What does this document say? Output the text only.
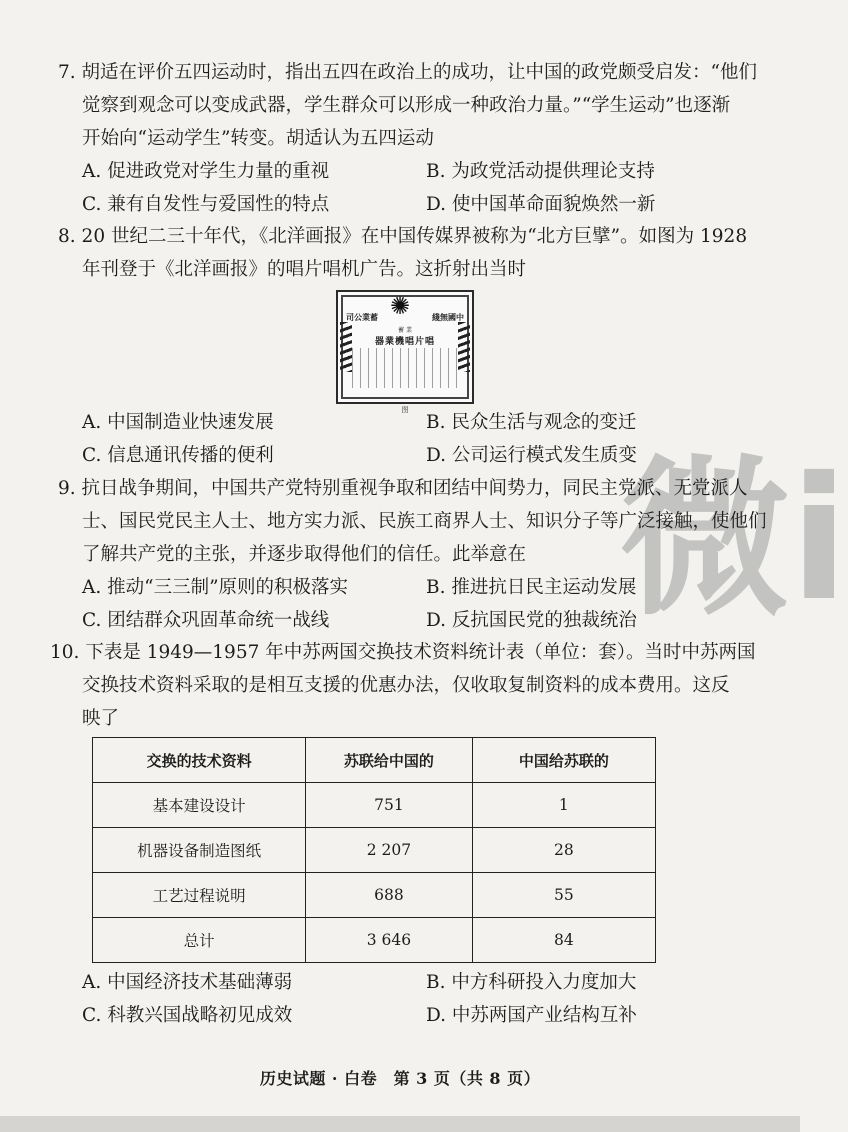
微i
7. 胡适在评价五四运动时，指出五四在政治上的成功，让中国的政党颇受启发：“他们
觉察到观念可以变成武器，学生群众可以形成一种政治力量。”“学生运动”也逐渐
开始向“运动学生”转变。胡适认为五四运动
A. 促进政党对学生力量的重视	B. 为政党活动提供理论支持
C. 兼有自发性与爱国性的特点	D. 使中国革命面貌焕然一新
8. 20 世纪二三十年代，《北洋画报》在中国传媒界被称为“北方巨擘”。如图为 1928
年刊登于《北洋画报》的唱片唱机广告。这折射出当时
✺
司公業蓄	綫無國中
蓄 業
器業機唱片唱
图
A. 中国制造业快速发展	B. 民众生活与观念的变迁
C. 信息通讯传播的便利	D. 公司运行模式发生质变
9. 抗日战争期间，中国共产党特别重视争取和团结中间势力，同民主党派、无党派人
士、国民党民主人士、地方实力派、民族工商界人士、知识分子等广泛接触，使他们
了解共产党的主张，并逐步取得他们的信任。此举意在
A. 推动“三三制”原则的积极落实	B. 推进抗日民主运动发展
C. 团结群众巩固革命统一战线	D. 反抗国民党的独裁统治
10. 下表是 1949—1957 年中苏两国交换技术资料统计表（单位：套）。当时中苏两国
交换技术资料采取的是相互支援的优惠办法，仅收取复制资料的成本费用。这反
映了
交换的技术资料	苏联给中国的	中国给苏联的
基本建设设计	751	1
机器设备制造图纸	2 207	28
工艺过程说明	688	55
总计	3 646	84
A. 中国经济技术基础薄弱	B. 中方科研投入力度加大
C. 科教兴国战略初见成效	D. 中苏两国产业结构互补
历史试题 · 白卷　第 3 页（共 8 页）
